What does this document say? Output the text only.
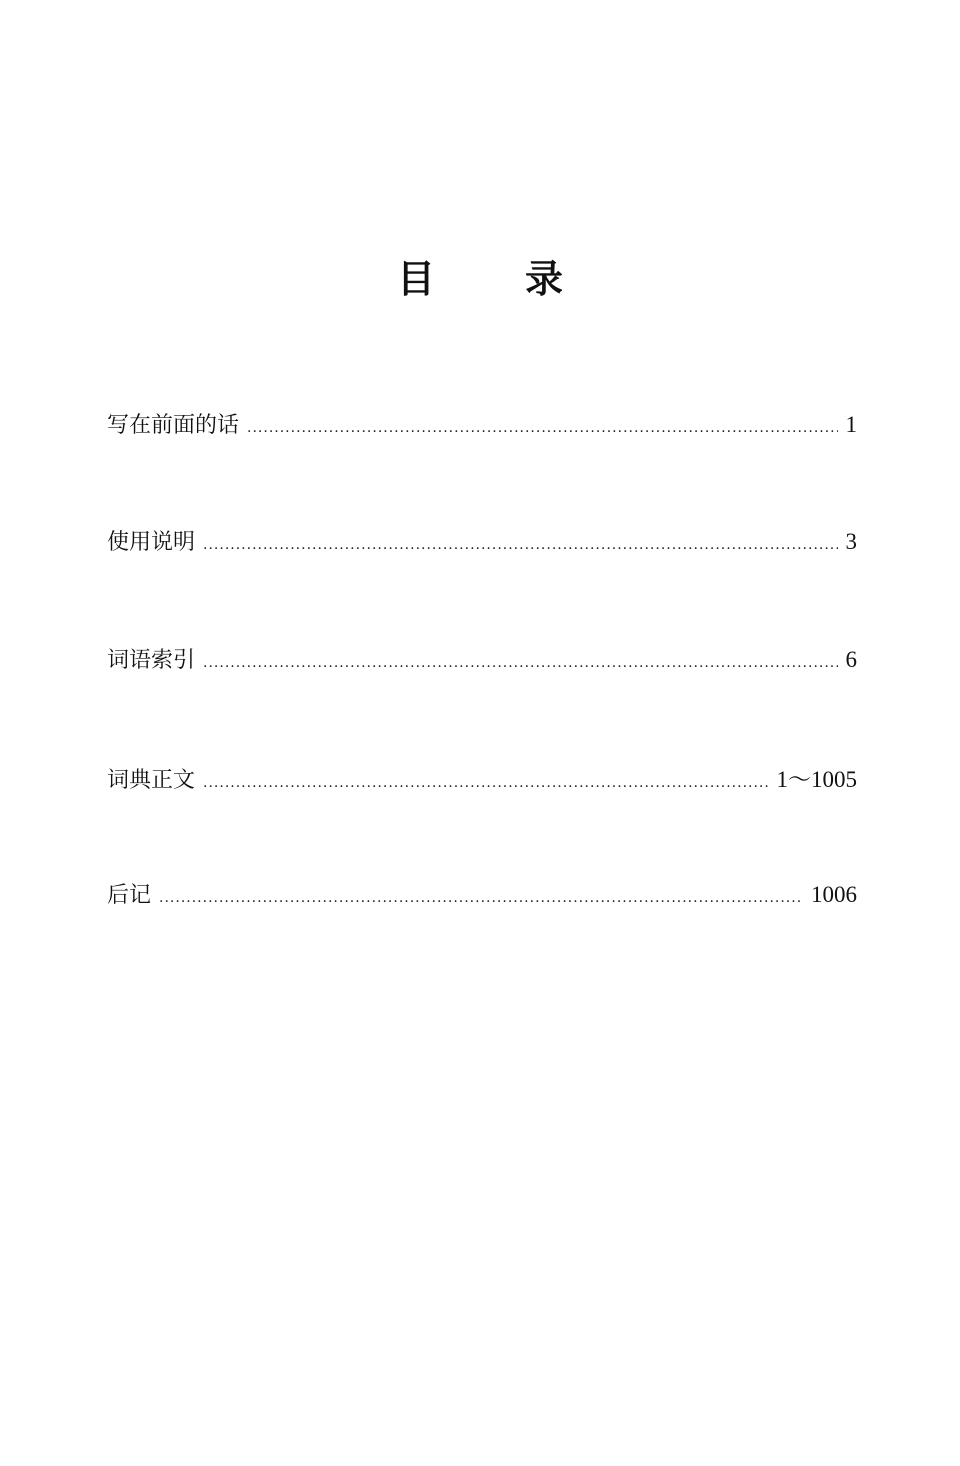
目 录
写在前面的话 .....	1
使用说明 .....	3
词语索引 .....	6
词典正文 .....	1～1005
后记 .....	1006
